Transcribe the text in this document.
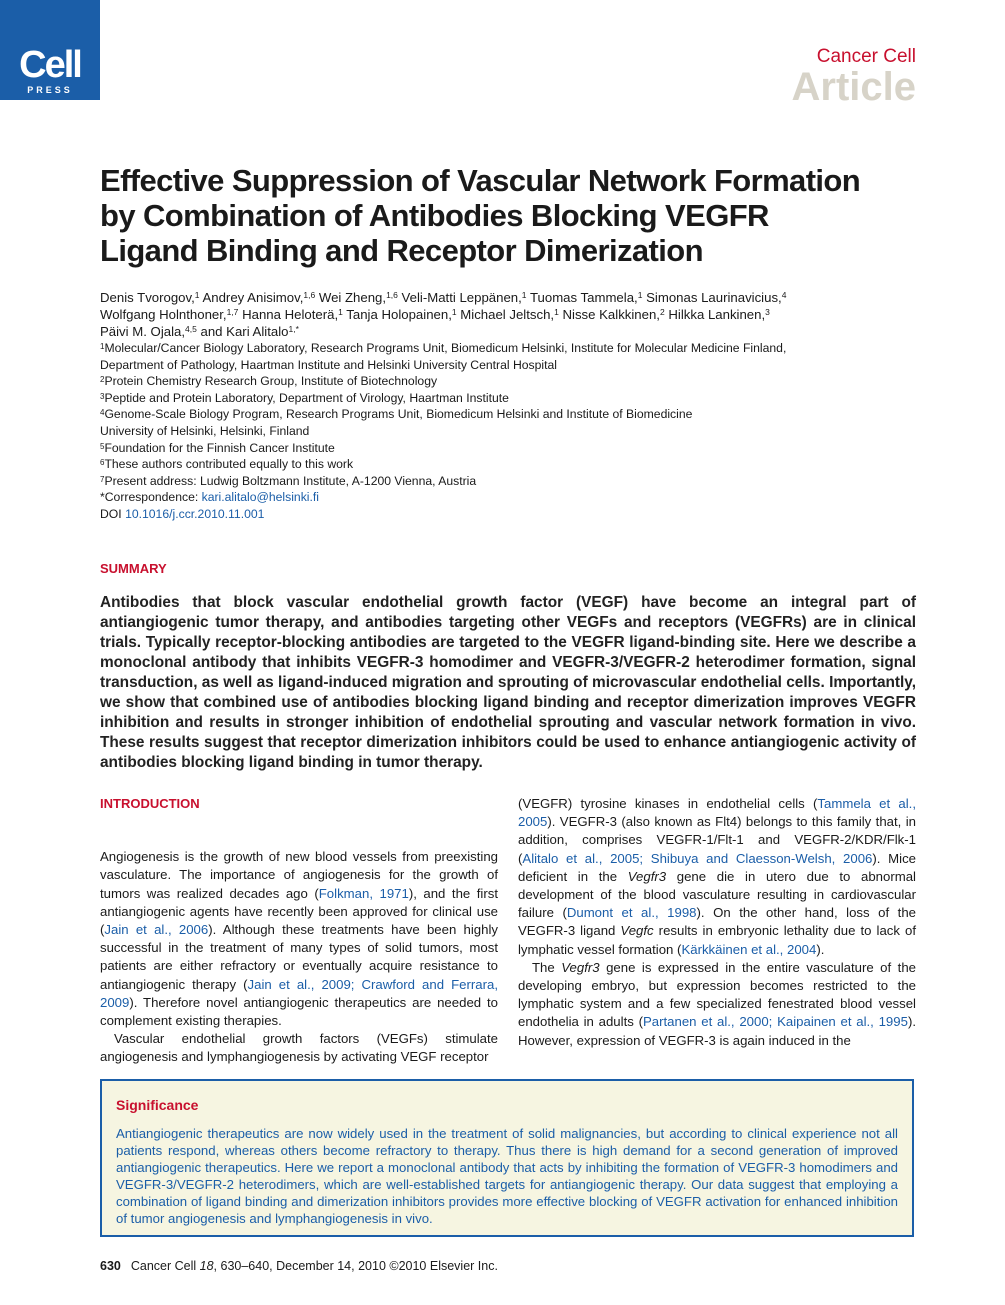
Cell
PRESS
Cancer Cell
Article
Effective Suppression of Vascular Network Formation
by Combination of Antibodies Blocking VEGFR
Ligand Binding and Receptor Dimerization
Denis Tvorogov,$^1$ Andrey Anisimov,$^{1,6}$ Wei Zheng,$^{1,6}$ Veli-Matti Leppänen,$^1$ Tuomas Tammela,$^1$ Simonas Laurinavicius,$^4$
Wolfgang Holnthoner,$^{1,7}$ Hanna Heloterä,$^1$ Tanja Holopainen,$^1$ Michael Jeltsch,$^1$ Nisse Kalkkinen,$^2$ Hilkka Lankinen,$^3$
Päivi M. Ojala,$^{4,5}$ and Kari Alitalo$^{1,*}$
$^1$Molecular/Cancer Biology Laboratory, Research Programs Unit, Biomedicum Helsinki, Institute for Molecular Medicine Finland,
Department of Pathology, Haartman Institute and Helsinki University Central Hospital
$^2$Protein Chemistry Research Group, Institute of Biotechnology
$^3$Peptide and Protein Laboratory, Department of Virology, Haartman Institute
$^4$Genome-Scale Biology Program, Research Programs Unit, Biomedicum Helsinki and Institute of Biomedicine
University of Helsinki, Helsinki, Finland
$^5$Foundation for the Finnish Cancer Institute
$^6$These authors contributed equally to this work
$^7$Present address: Ludwig Boltzmann Institute, A-1200 Vienna, Austria
*Correspondence: kari.alitalo@helsinki.fi
DOI 10.1016/j.ccr.2010.11.001
SUMMARY

Antibodies that block vascular endothelial growth factor (VEGF) have become an integral part of antiangiogenic tumor therapy, and antibodies targeting other VEGFs and receptors (VEGFRs) are in clinical trials. Typically receptor-blocking antibodies are targeted to the VEGFR ligand-binding site. Here we describe a monoclonal antibody that inhibits VEGFR-3 homodimer and VEGFR-3/VEGFR-2 heterodimer formation, signal transduction, as well as ligand-induced migration and sprouting of microvascular endothelial cells. Importantly, we show that combined use of antibodies blocking ligand binding and receptor dimerization improves VEGFR inhibition and results in stronger inhibition of endothelial sprouting and vascular network formation in vivo. These results suggest that receptor dimerization inhibitors could be used to enhance antiangiogenic activity of antibodies blocking ligand binding in tumor therapy.

INTRODUCTION

Angiogenesis is the growth of new blood vessels from preexisting vasculature. The importance of angiogenesis for the growth of tumors was realized decades ago (Folkman, 1971), and the first antiangiogenic agents have recently been approved for clinical use (Jain et al., 2006). Although these treatments have been highly successful in the treatment of many types of solid tumors, most patients are either refractory or eventually acquire resistance to antiangiogenic therapy (Jain et al., 2009; Crawford and Ferrara, 2009). Therefore novel antiangiogenic therapeutics are needed to complement existing therapies.

Vascular endothelial growth factors (VEGFs) stimulate angiogenesis and lymphangiogenesis by activating VEGF receptor

(VEGFR) tyrosine kinases in endothelial cells (Tammela et al., 2005). VEGFR-3 (also known as Flt4) belongs to this family that, in addition, comprises VEGFR-1/Flt-1 and VEGFR-2/KDR/Flk-1 (Alitalo et al., 2005; Shibuya and Claesson-Welsh, 2006). Mice deficient in the Vegfr3 gene die in utero due to abnormal development of the blood vasculature resulting in cardiovascular failure (Dumont et al., 1998). On the other hand, loss of the VEGFR-3 ligand Vegfc results in embryonic lethality due to lack of lymphatic vessel formation (Kärkkäinen et al., 2004).

The Vegfr3 gene is expressed in the entire vasculature of the developing embryo, but expression becomes restricted to the lymphatic system and a few specialized fenestrated blood vessel endothelia in adults (Partanen et al., 2000; Kaipainen et al., 1995). However, expression of VEGFR-3 is again induced in the

Significance

Antiangiogenic therapeutics are now widely used in the treatment of solid malignancies, but according to clinical experience not all patients respond, whereas others become refractory to therapy. Thus there is high demand for a second generation of improved antiangiogenic therapeutics. Here we report a monoclonal antibody that acts by inhibiting the formation of VEGFR-3 homodimers and VEGFR-3/VEGFR-2 heterodimers, which are well-established targets for antiangiogenic therapy. Our data suggest that employing a combination of ligand binding and dimerization inhibitors provides more effective blocking of VEGFR activation for enhanced inhibition of tumor angiogenesis and lymphangiogenesis in vivo.

630 Cancer Cell 18, 630–640, December 14, 2010 ©2010 Elsevier Inc.
